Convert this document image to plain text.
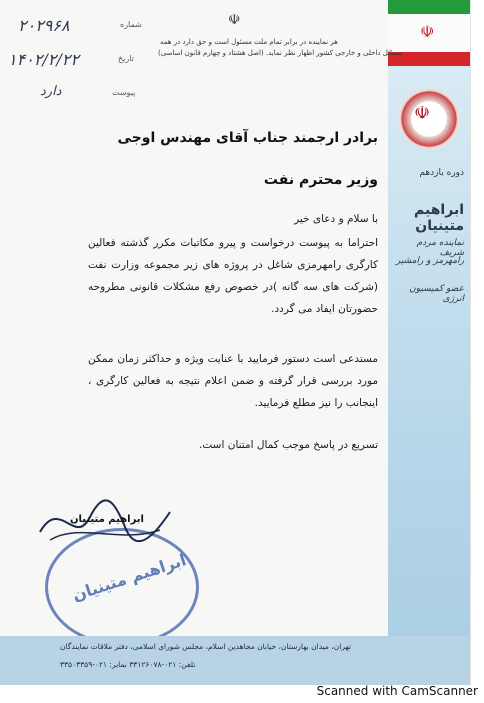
☫
☫
دوره یازدهم
ابراهیم متینیان
نماینده مردم شریف
رامهرمز و رامشیر
عضو کمیسیون انرژی
☫
هر نماینده در برابر تمام ملت مسئول است و حق دارد در همه
مسائل داخلی و خارجی کشور اظهار نظر نماید. (اصل هشتاد و چهارم قانون اساسی)
۲۰۲۹۶۸	شماره
۱۴۰۲/۲/۲۲	تاریخ
دارد	پیوست
برادر ارجمند جناب آقای مهندس اوجی
وزیر محترم نفت
با سلام و دعای خیر
احتراما به پیوست درخواست و پیرو مکاتبات مکرر گذشته فعالین کارگری رامهرمزی شاغل در پروژه های زیر مجموعه وزارت نفت (شرکت های سه گانه )در خصوص رفع مشکلات قانونی مطروحه حضورتان ایفاد می گردد.
مستدعی است دستور فرمایید با عنایت ویژه و حداکثر زمان ممکن مورد بررسی قرار گرفته و ضمن اعلام نتیجه به فعالین کارگری ، اینجانب را نیز مطلع فرمایید.
تسریع در پاسخ موجب کمال امتنان است.
ابراهیم متینیان
ابراهیم متینیان
تهران، میدان بهارستان، خیابان مجاهدین اسلام، مجلس شورای اسلامی، دفتر ملاقات نمایندگان
تلفن: ۰۲۱-۳۳۱۲۶۰۷۸ نمابر: ۰۲۱-۳۳۵۰۳۳۵۹
Scanned with CamScanner
